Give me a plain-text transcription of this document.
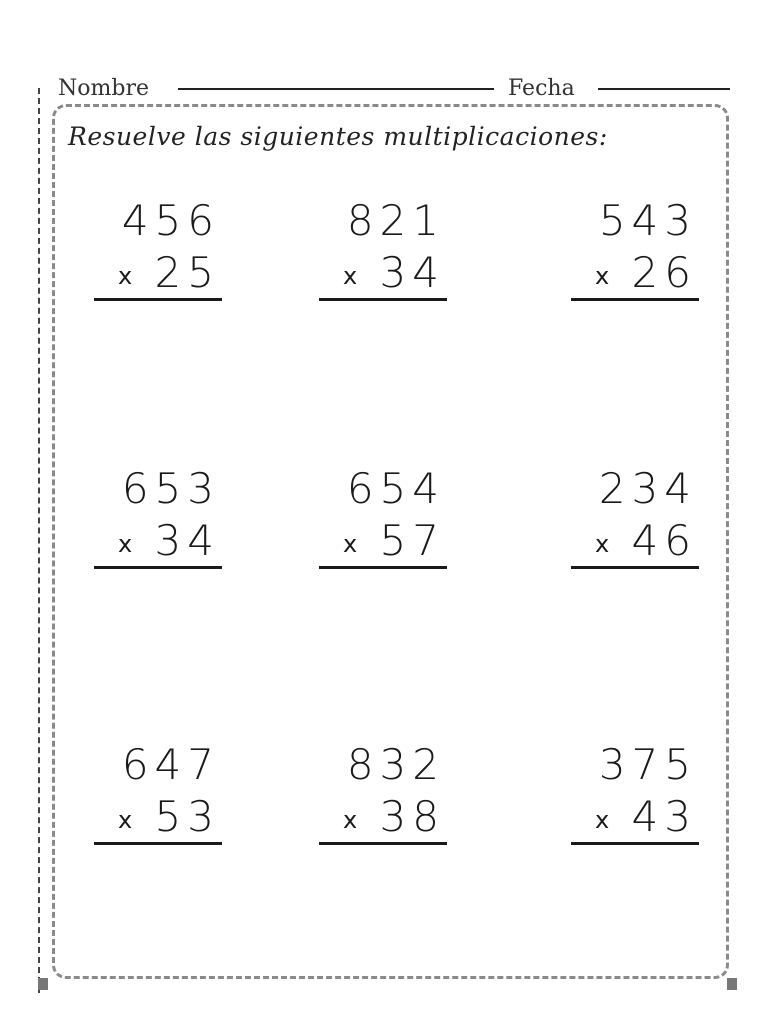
Nombre	Fecha
Resuelve las siguientes multiplicaciones:

456

x 25

821

x 34

543

x 26

653

x 34

654

x 57

234

x 46

647

x 53

832

x 38

375

x 43
